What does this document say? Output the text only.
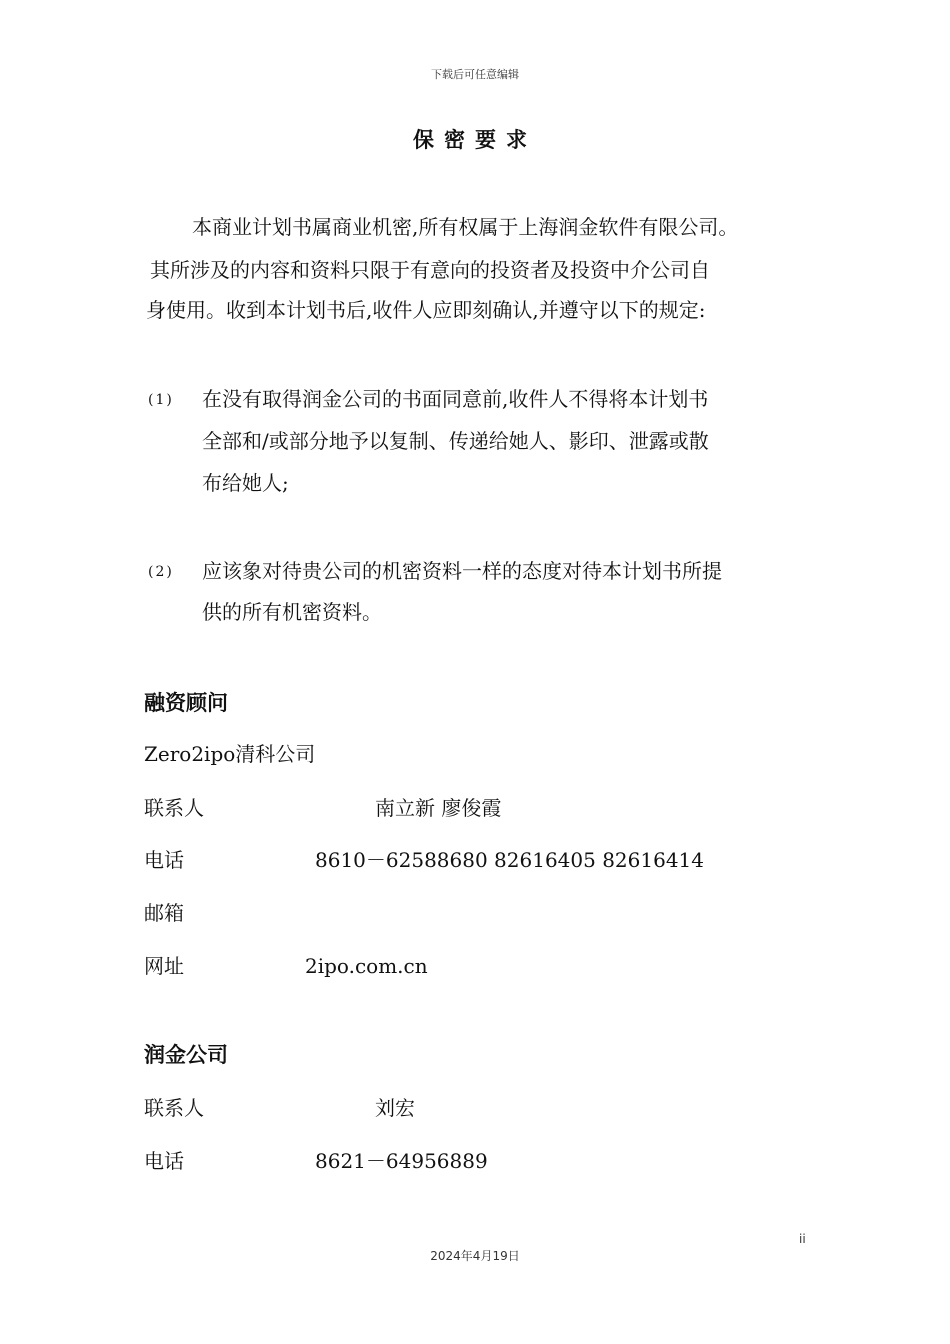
下载后可任意编辑
保密要求
本商业计划书属商业机密,所有权属于上海润金软件有限公司。
其所涉及的内容和资料只限于有意向的投资者及投资中介公司自
身使用。收到本计划书后,收件人应即刻确认,并遵守以下的规定:
(1) 在没有取得润金公司的书面同意前,收件人不得将本计划书
全部和/或部分地予以复制、传递给她人、影印、泄露或散
布给她人;
(2) 应该象对待贵公司的机密资料一样的态度对待本计划书所提
供的所有机密资料。
融资顾问
Zero2ipo清科公司
联系人	南立新 廖俊霞
电话	8610－62588680 82616405 82616414
邮箱
网址	2ipo.com.cn
润金公司
联系人	刘宏
电话	8621－64956889
ii
2024年4月19日
